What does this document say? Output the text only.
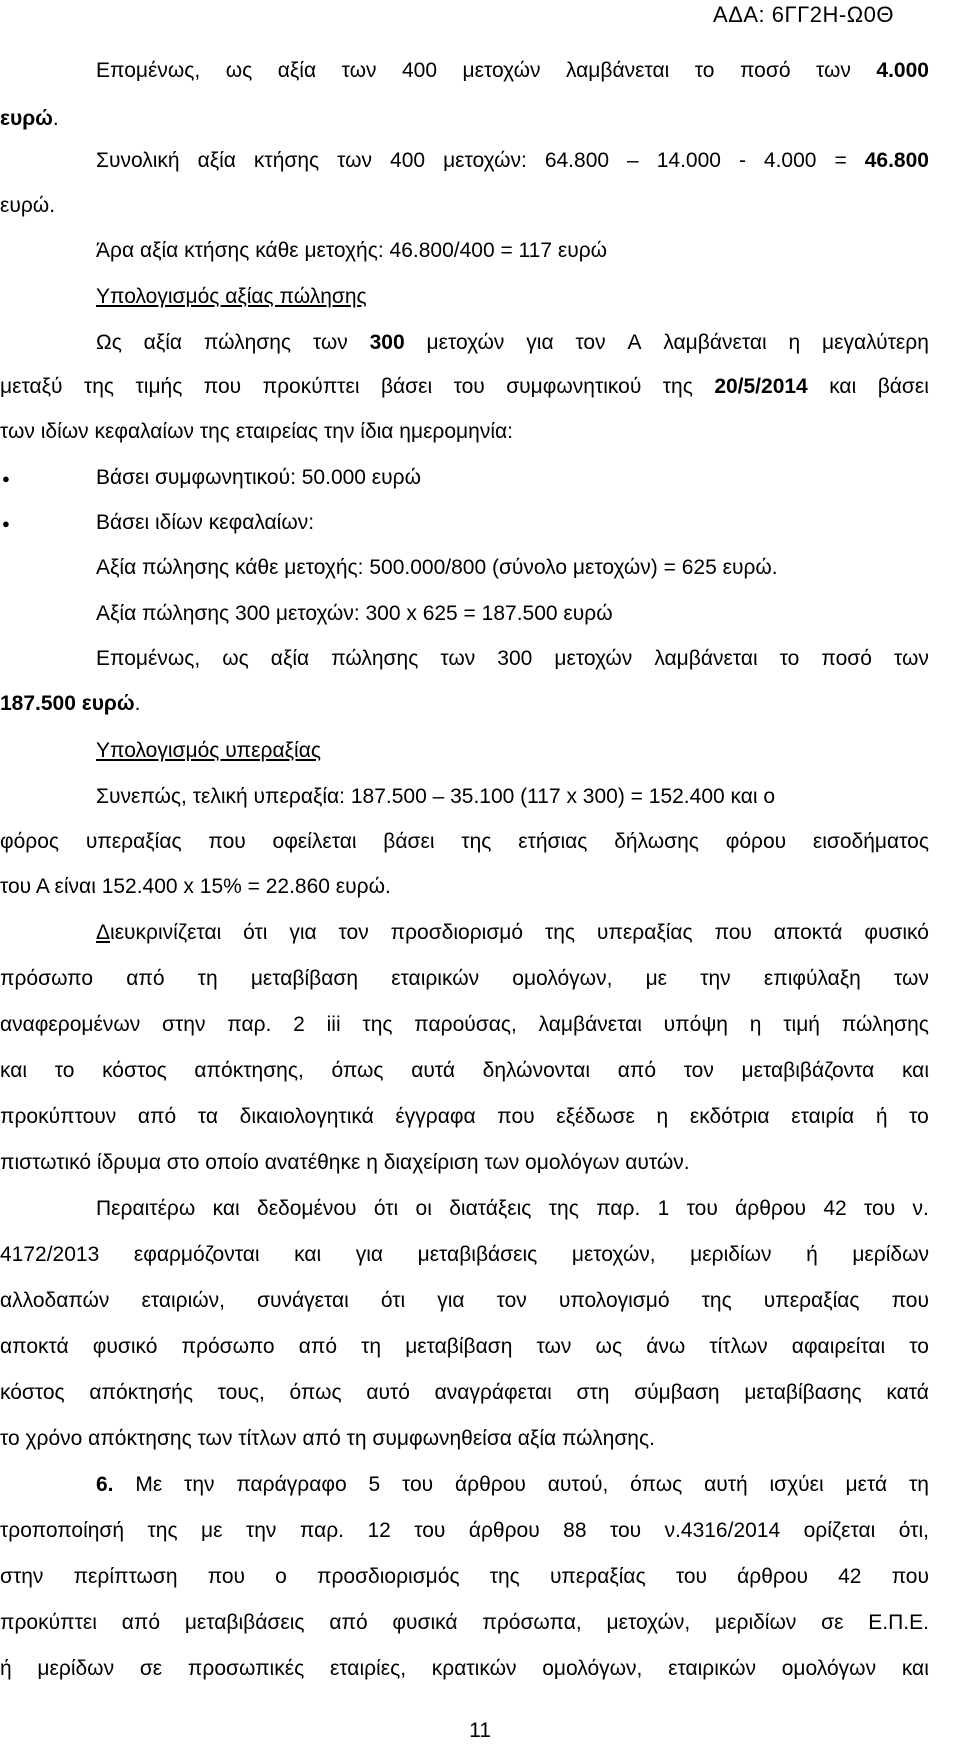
ΑΔΑ: 6ΓΓ2Η-Ω0Θ
Επομένως, ως αξία των 400 μετοχών λαμβάνεται το ποσό των 4.000
ευρώ.
Συνολική αξία κτήσης των 400 μετοχών: 64.800 – 14.000 - 4.000 = 46.800
ευρώ.
Άρα αξία κτήσης κάθε μετοχής: 46.800/400 = 117 ευρώ
Υπολογισμός αξίας πώλησης
Ως αξία πώλησης των 300 μετοχών για τον Α λαμβάνεται η μεγαλύτερη
μεταξύ της τιμής που προκύπτει βάσει του συμφωνητικού της 20/5/2014 και βάσει
των ιδίων κεφαλαίων της εταιρείας την ίδια ημερομηνία:
●	Βάσει συμφωνητικού: 50.000 ευρώ
●	Βάσει ιδίων κεφαλαίων:
Αξία πώλησης κάθε μετοχής: 500.000/800 (σύνολο μετοχών) = 625 ευρώ.
Αξία πώλησης 300 μετοχών: 300 x 625 = 187.500 ευρώ
Επομένως, ως αξία πώλησης των 300 μετοχών λαμβάνεται το ποσό των
187.500 ευρώ.
Υπολογισμός υπεραξίας
Συνεπώς, τελική υπεραξία: 187.500 – 35.100 (117 x 300) = 152.400 και ο
φόρος υπεραξίας που οφείλεται βάσει της ετήσιας δήλωσης φόρου εισοδήματος
του Α είναι 152.400 x 15% = 22.860 ευρώ.
Διευκρινίζεται ότι για τον προσδιορισμό της υπεραξίας που αποκτά φυσικό
πρόσωπο από τη μεταβίβαση εταιρικών ομολόγων, με την επιφύλαξη των
αναφερομένων στην παρ. 2 iii της παρούσας, λαμβάνεται υπόψη η τιμή πώλησης
και το κόστος απόκτησης, όπως αυτά δηλώνονται από τον μεταβιβάζοντα και
προκύπτουν από τα δικαιολογητικά έγγραφα που εξέδωσε η εκδότρια εταιρία ή το
πιστωτικό ίδρυμα στο οποίο ανατέθηκε η διαχείριση των ομολόγων αυτών.
Περαιτέρω και δεδομένου ότι οι διατάξεις της παρ. 1 του άρθρου 42 του ν.
4172/2013 εφαρμόζονται και για μεταβιβάσεις μετοχών, μεριδίων ή μερίδων
αλλοδαπών εταιριών, συνάγεται ότι για τον υπολογισμό της υπεραξίας που
αποκτά φυσικό πρόσωπο από τη μεταβίβαση των ως άνω τίτλων αφαιρείται το
κόστος απόκτησής τους, όπως αυτό αναγράφεται στη σύμβαση μεταβίβασης κατά
το χρόνο απόκτησης των τίτλων από τη συμφωνηθείσα αξία πώλησης.
6. Με την παράγραφο 5 του άρθρου αυτού, όπως αυτή ισχύει μετά τη
τροποποίησή της με την παρ. 12 του άρθρου 88 του ν.4316/2014 ορίζεται ότι,
στην περίπτωση που ο προσδιορισμός της υπεραξίας του άρθρου 42 που
προκύπτει από μεταβιβάσεις από φυσικά πρόσωπα, μετοχών, μεριδίων σε Ε.Π.Ε.
ή μερίδων σε προσωπικές εταιρίες, κρατικών ομολόγων, εταιρικών ομολόγων και
11
